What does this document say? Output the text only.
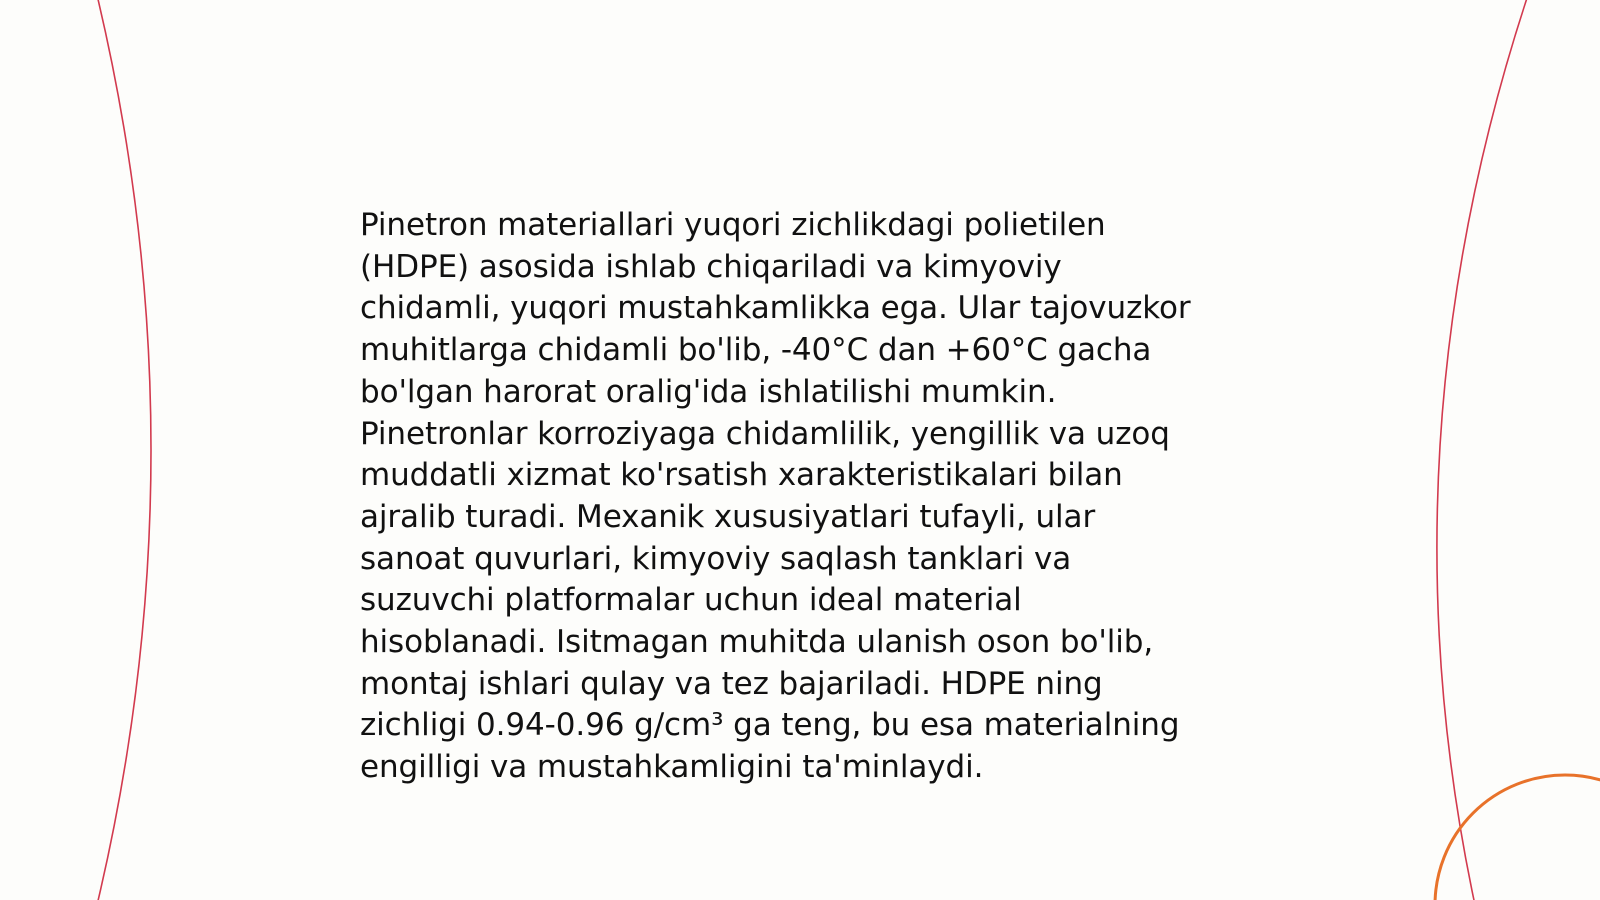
Pinetron materiallari yuqori zichlikdagi polietilen
(HDPE) asosida ishlab chiqariladi va kimyoviy
chidamli, yuqori mustahkamlikka ega. Ular tajovuzkor
muhitlarga chidamli bo'lib, -40°C dan +60°C gacha
bo'lgan harorat oralig'ida ishlatilishi mumkin.
Pinetronlar korroziyaga chidamlilik, yengillik va uzoq
muddatli xizmat ko'rsatish xarakteristikalari bilan
ajralib turadi. Mexanik xususiyatlari tufayli, ular
sanoat quvurlari, kimyoviy saqlash tanklari va
suzuvchi platformalar uchun ideal material
hisoblanadi. Isitmagan muhitda ulanish oson bo'lib,
montaj ishlari qulay va tez bajariladi. HDPE ning
zichligi 0.94-0.96 g/cm³ ga teng, bu esa materialning
engilligi va mustahkamligini ta'minlaydi.
